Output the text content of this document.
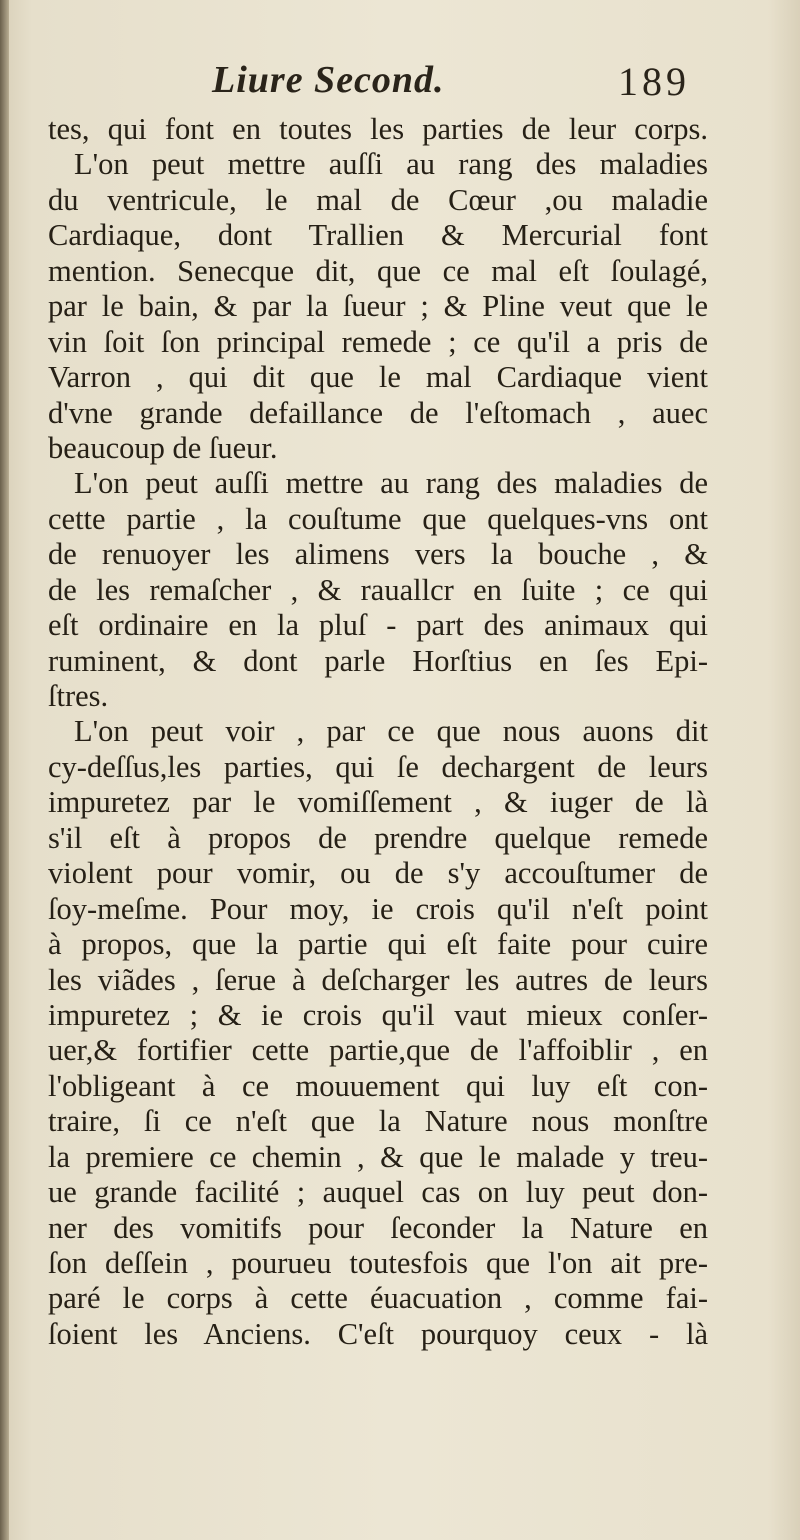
Liure Second.	189
tes, qui font en toutes les parties de leur corps.
L'on peut mettre auſſi au rang des maladies
du ventricule, le mal de Cœur ,ou maladie
Cardiaque, dont Trallien & Mercurial font
mention. Senecque dit, que ce mal eſt ſoulagé,
par le bain, & par la ſueur ; & Pline veut que le
vin ſoit ſon principal remede ; ce qu'il a pris de
Varron , qui dit que le mal Cardiaque vient
d'vne grande defaillance de l'eſtomach , auec
beaucoup de ſueur.
L'on peut auſſi mettre au rang des maladies de
cette partie , la couſtume que quelques-vns ont
de renuoyer les alimens vers la bouche , &
de les remaſcher , & rauallcr en ſuite ; ce qui
eſt ordinaire en la pluſ - part des animaux qui
ruminent, & dont parle Horſtius en ſes Epi-
ſtres.
L'on peut voir , par ce que nous auons dit
cy-deſſus,les parties, qui ſe dechargent de leurs
impuretez par le vomiſſement , & iuger de là
s'il eſt à propos de prendre quelque remede
violent pour vomir, ou de s'y accouſtumer de
ſoy-meſme. Pour moy, ie crois qu'il n'eſt point
à propos, que la partie qui eſt faite pour cuire
les viãdes , ſerue à deſcharger les autres de leurs
impuretez ; & ie crois qu'il vaut mieux conſer-
uer,& fortifier cette partie,que de l'affoiblir , en
l'obligeant à ce mouuement qui luy eſt con-
traire, ſi ce n'eſt que la Nature nous monſtre
la premiere ce chemin , & que le malade y treu-
ue grande facilité ; auquel cas on luy peut don-
ner des vomitifs pour ſeconder la Nature en
ſon deſſein , pourueu toutesfois que l'on ait pre-
paré le corps à cette éuacuation , comme fai-
ſoient les Anciens. C'eſt pourquoy ceux - là
